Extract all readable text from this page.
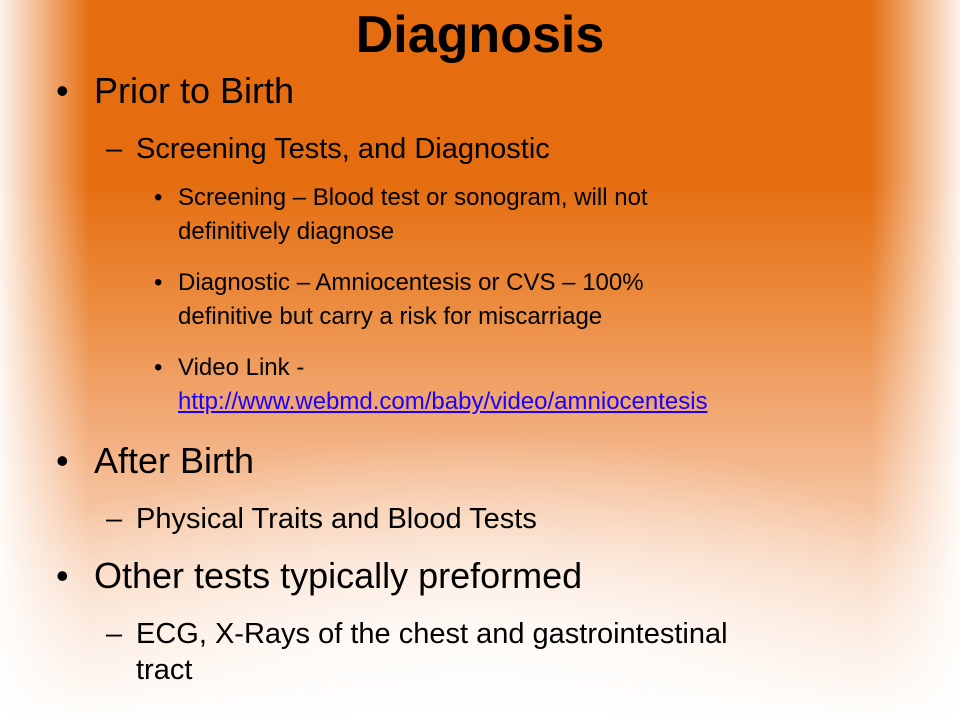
Diagnosis
• Prior to Birth
– Screening Tests, and Diagnostic
• Screening – Blood test or sonogram, will not
definitively diagnose
• Diagnostic – Amniocentesis or CVS – 100%
definitive but carry a risk for miscarriage
• Video Link -
http://www.webmd.com/baby/video/amniocentesis
• After Birth
– Physical Traits and Blood Tests
• Other tests typically preformed
– ECG, X-Rays of the chest and gastrointestinal
tract
